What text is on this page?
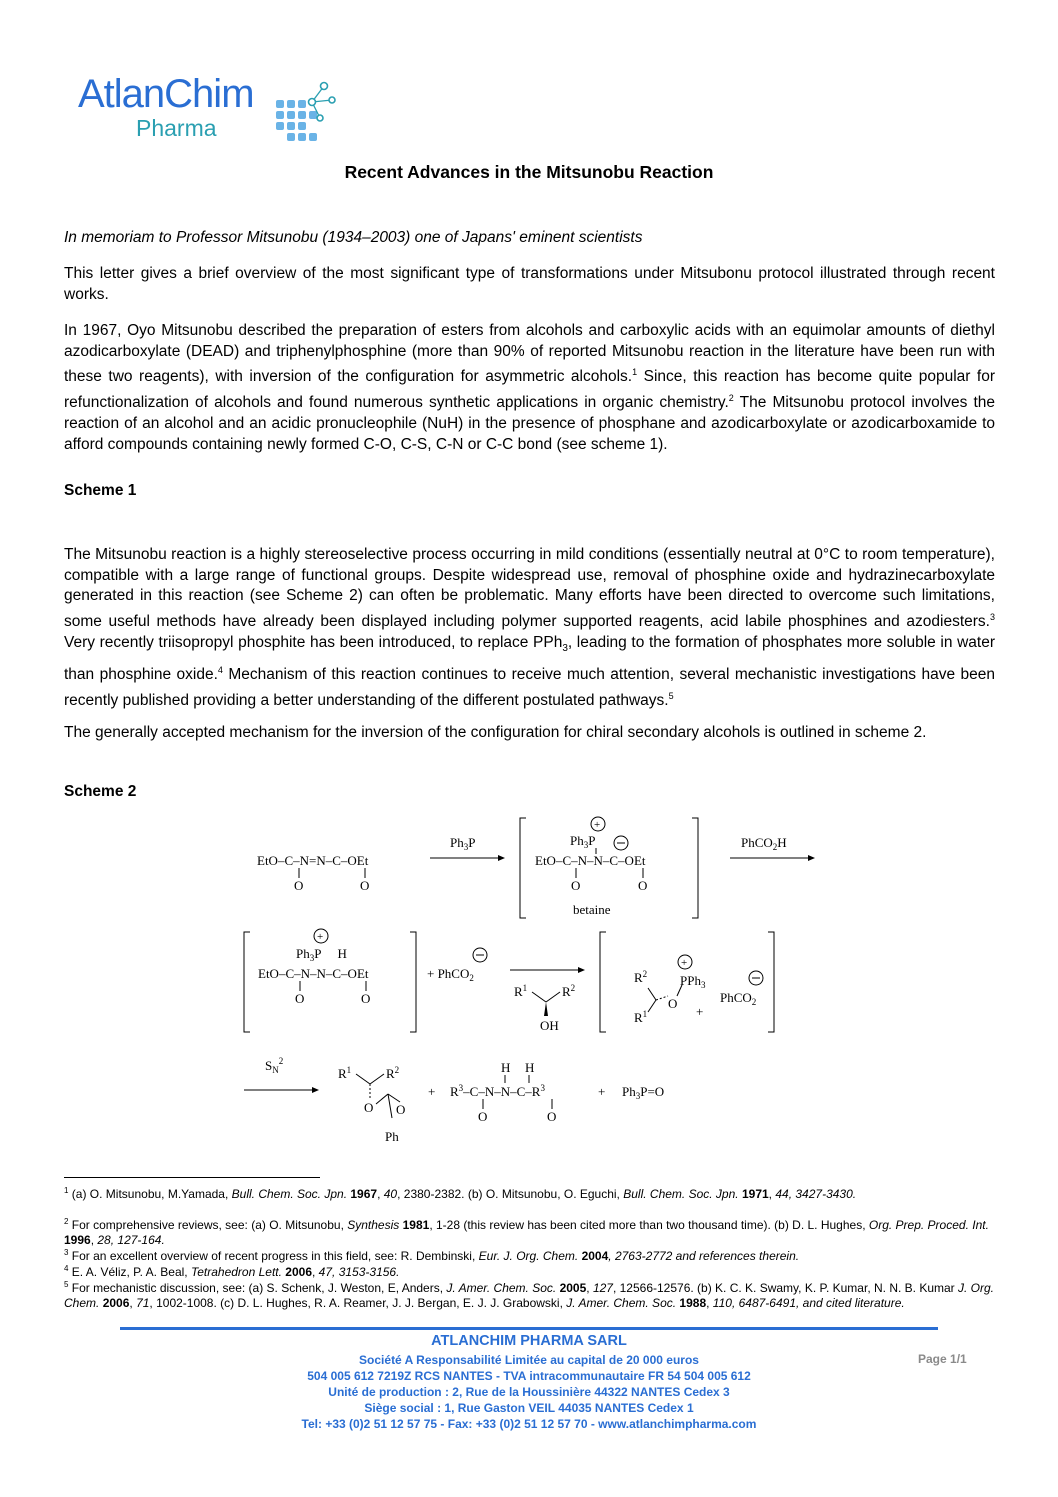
AtlanChim
Pharma
Recent Advances in the Mitsunobu Reaction

In memoriam to Professor Mitsunobu (1934–2003) one of Japans' eminent scientists

This letter gives a brief overview of the most significant type of transformations under Mitsubonu protocol illustrated through recent works.

In 1967, Oyo Mitsunobu described the preparation of esters from alcohols and carboxylic acids with an equimolar amounts of diethyl azodicarboxylate (DEAD) and triphenylphosphine (more than 90% of reported Mitsunobu reaction in the literature have been run with these two reagents), with inversion of the configuration for asymmetric alcohols.$^1$ Since, this reaction has become quite popular for refunctionalization of alcohols and found numerous synthetic applications in organic chemistry.$^2$ The Mitsunobu protocol involves the reaction of an alcohol and an acidic pronucleophile (NuH) in the presence of phosphane and azodicarboxylate or azodicarboxamide to afford compounds containing newly formed C-O, C-S, C-N or C-C bond (see scheme 1).

Scheme 1

The Mitsunobu reaction is a highly stereoselective process occurring in mild conditions (essentially neutral at 0°C to room temperature), compatible with a large range of functional groups. Despite widespread use, removal of phosphine oxide and hydrazinecarboxylate generated in this reaction (see Scheme 2) can often be problematic. Many efforts have been directed to overcome such limitations, some useful methods have already been displayed including polymer supported reagents, acid labile phosphines and azodiesters.$^3$ Very recently triisopropyl phosphite has been introduced, to replace PPh$_3$, leading to the formation of phosphates more soluble in water than phosphine oxide.$^4$ Mechanism of this reaction continues to receive much attention, several mechanistic investigations have been recently published providing a better understanding of the different postulated pathways.$^5$

The generally accepted mechanism for the inversion of the configuration for chiral secondary alcohols is outlined in scheme 2.

Scheme 2

EtO–C–N=N–C–OEt
O	O
$Ph_3P$
+
$Ph_3P$
EtO–C–N–N–C–OEt
O	O
betaine
PhCO$_2$H
+
$Ph_3P$ H
EtO–C–N–N–C–OEt
O	O
+ PhCO$_2$
$R^1$	$R^2$
OH
$R^2$
$R^1$
O
PPh$_3$
+
+
PhCO$_2$
$S_N^2$
$R^1$	$R^2$
O O
Ph
+ $R^3-C-N-N-C-R^3$
H H
O	O
+ $Ph_3P=O$

$^1$ (a) O. Mitsunobu, M.Yamada, Bull. Chem. Soc. Jpn. 1967, 40, 2380-2382. (b) O. Mitsunobu, O. Eguchi, Bull. Chem. Soc. Jpn. 1971, 44, 3427-3430.

$^2$ For comprehensive reviews, see: (a) O. Mitsunobu, Synthesis 1981, 1-28 (this review has been cited more than two thousand time). (b) D. L. Hughes, Org. Prep. Proced. Int. 1996, 28, 127-164.

$^3$ For an excellent overview of recent progress in this field, see: R. Dembinski, Eur. J. Org. Chem. 2004, 2763-2772 and references therein.

$^4$ E. A. Véliz, P. A. Beal, Tetrahedron Lett. 2006, 47, 3153-3156.

$^5$ For mechanistic discussion, see: (a) S. Schenk, J. Weston, E, Anders, J. Amer. Chem. Soc. 2005, 127, 12566-12576. (b) K. C. K. Swamy, K. P. Kumar, N. N. B. Kumar J. Org. Chem. 2006, 71, 1002-1008. (c) D. L. Hughes, R. A. Reamer, J. J. Bergan, E. J. J. Grabowski, J. Amer. Chem. Soc. 1988, 110, 6487-6491, and cited literature.

ATLANCHIM PHARMA SARL

Société A Responsabilité Limitée au capital de 20 000 euros

504 005 612 7219Z RCS NANTES - TVA intracommunautaire FR 54 504 005 612

Unité de production : 2, Rue de la Houssinière 44322 NANTES Cedex 3

Siège social : 1, Rue Gaston VEIL 44035 NANTES Cedex 1

Tel: +33 (0)2 51 12 57 75 - Fax: +33 (0)2 51 12 57 70 - www.atlanchimpharma.com

Page 1/1
